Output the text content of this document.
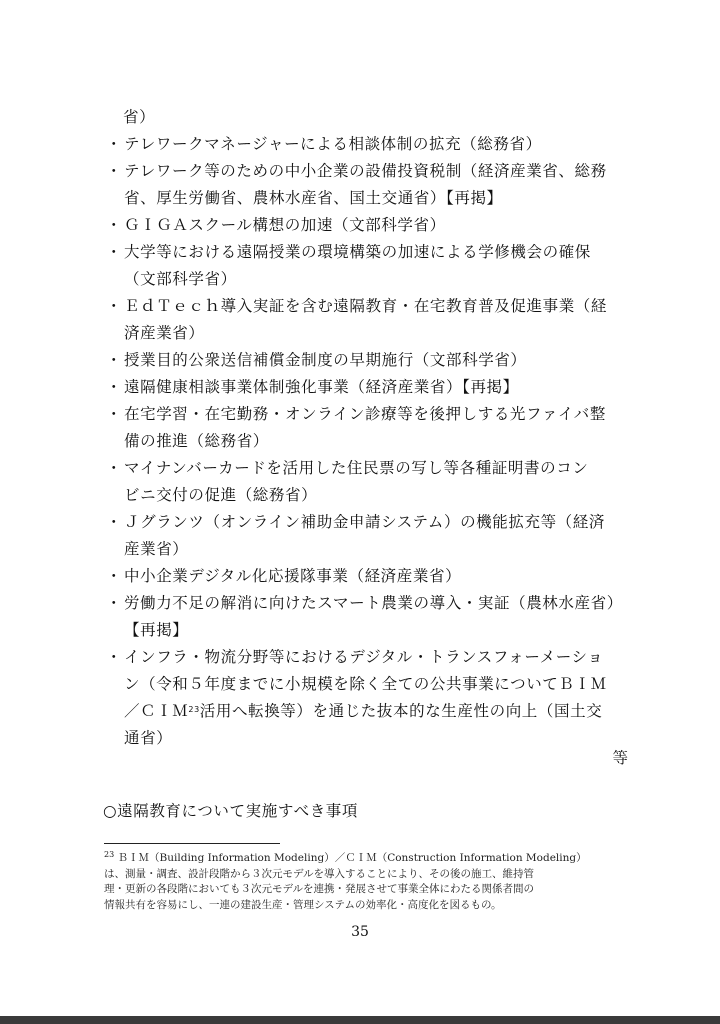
省）
・ テレワークマネージャーによる相談体制の拡充（総務省）
・ テレワーク等のための中小企業の設備投資税制（経済産業省、総務
省、厚生労働省、農林水産省、国土交通省）【再掲】
・ ＧＩＧＡスクール構想の加速（文部科学省）
・ 大学等における遠隔授業の環境構築の加速による学修機会の確保
（文部科学省）
・ ＥｄＴｅｃｈ導入実証を含む遠隔教育・在宅教育普及促進事業（経
済産業省）
・ 授業目的公衆送信補償金制度の早期施行（文部科学省）
・ 遠隔健康相談事業体制強化事業（経済産業省）【再掲】
・ 在宅学習・在宅勤務・オンライン診療等を後押しする光ファイバ整
備の推進（総務省）
・ マイナンバーカードを活用した住民票の写し等各種証明書のコン
ビニ交付の促進（総務省）
・ Ｊグランツ（オンライン補助金申請システム）の機能拡充等（経済
産業省）
・ 中小企業デジタル化応援隊事業（経済産業省）
・ 労働力不足の解消に向けたスマート農業の導入・実証（農林水産省）
【再掲】
・ インフラ・物流分野等におけるデジタル・トランスフォーメーショ
ン（令和５年度までに小規模を除く全ての公共事業についてＢＩＭ
／ＣＩＭ$^{23}$活用へ転換等）を通じた抜本的な生産性の向上（国土交
通省）
等
○遠隔教育について実施すべき事項
$^{23}$ ＢＩＭ（Building Information Modeling）／ＣＩＭ（Construction Information Modeling）
は、測量・調査、設計段階から３次元モデルを導入することにより、その後の施工、維持管
理・更新の各段階においても３次元モデルを連携・発展させて事業全体にわたる関係者間の
情報共有を容易にし、一連の建設生産・管理システムの効率化・高度化を図るもの。
35
